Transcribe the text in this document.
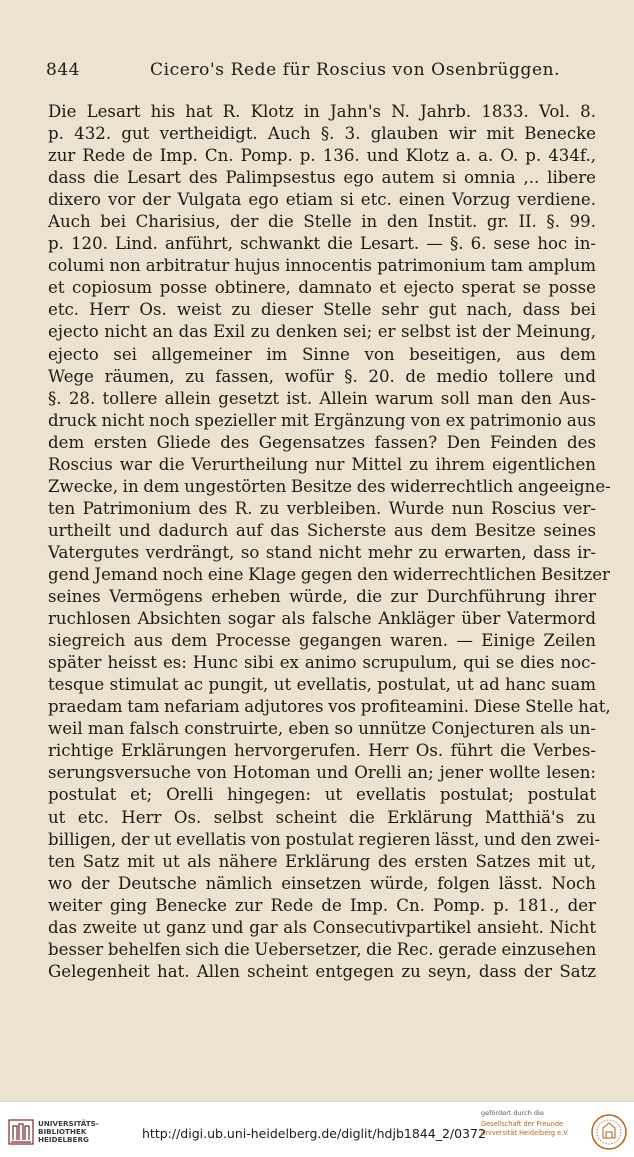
844	Cicero's Rede für Roscius von Osenbrüggen.
Die Lesart his hat R. Klotz in Jahn's N. Jahrb. 1833. Vol. 8.
p. 432. gut vertheidigt. Auch §. 3. glauben wir mit Benecke
zur Rede de Imp. Cn. Pomp. p. 136. und Klotz a. a. O. p. 434f.,
dass die Lesart des Palimpsestus ego autem si omnia ,.. libere
dixero vor der Vulgata ego etiam si etc. einen Vorzug verdiene.
Auch bei Charisius, der die Stelle in den Instit. gr. II. §. 99.
p. 120. Lind. anführt, schwankt die Lesart. — §. 6. sese hoc in-
columi non arbitratur hujus innocentis patrimonium tam amplum
et copiosum posse obtinere, damnato et ejecto sperat se posse
etc. Herr Os. weist zu dieser Stelle sehr gut nach, dass bei
ejecto nicht an das Exil zu denken sei; er selbst ist der Meinung,
ejecto sei allgemeiner im Sinne von beseitigen, aus dem
Wege räumen, zu fassen, wofür §. 20. de medio tollere und
§. 28. tollere allein gesetzt ist. Allein warum soll man den Aus-
druck nicht noch spezieller mit Ergänzung von ex patrimonio aus
dem ersten Gliede des Gegensatzes fassen? Den Feinden des
Roscius war die Verurtheilung nur Mittel zu ihrem eigentlichen
Zwecke, in dem ungestörten Besitze des widerrechtlich angeeigne-
ten Patrimonium des R. zu verbleiben. Wurde nun Roscius ver-
urtheilt und dadurch auf das Sicherste aus dem Besitze seines
Vatergutes verdrängt, so stand nicht mehr zu erwarten, dass ir-
gend Jemand noch eine Klage gegen den widerrechtlichen Besitzer
seines Vermögens erheben würde, die zur Durchführung ihrer
ruchlosen Absichten sogar als falsche Ankläger über Vatermord
siegreich aus dem Processe gegangen waren. — Einige Zeilen
später heisst es: Hunc sibi ex animo scrupulum, qui se dies noc-
tesque stimulat ac pungit, ut evellatis, postulat, ut ad hanc suam
praedam tam nefariam adjutores vos profiteamini. Diese Stelle hat,
weil man falsch construirte, eben so unnütze Conjecturen als un-
richtige Erklärungen hervorgerufen. Herr Os. führt die Verbes-
serungsversuche von Hotoman und Orelli an; jener wollte lesen:
postulat et; Orelli hingegen: ut evellatis postulat; postulat
ut etc. Herr Os. selbst scheint die Erklärung Matthiä's zu
billigen, der ut evellatis von postulat regieren lässt, und den zwei-
ten Satz mit ut als nähere Erklärung des ersten Satzes mit ut,
wo der Deutsche nämlich einsetzen würde, folgen lässt. Noch
weiter ging Benecke zur Rede de Imp. Cn. Pomp. p. 181., der
das zweite ut ganz und gar als Consecutivpartikel ansieht. Nicht
besser behelfen sich die Uebersetzer, die Rec. gerade einzusehen
Gelegenheit hat. Allen scheint entgegen zu seyn, dass der Satz
UNIVERSITÄTS-
BIBLIOTHEK
HEIDELBERG	http://digi.ub.uni-heidelberg.de/diglit/hdjb1844_2/0372
gefördert durch die
Gesellschaft der Freunde
Universität Heidelberg e.V.
